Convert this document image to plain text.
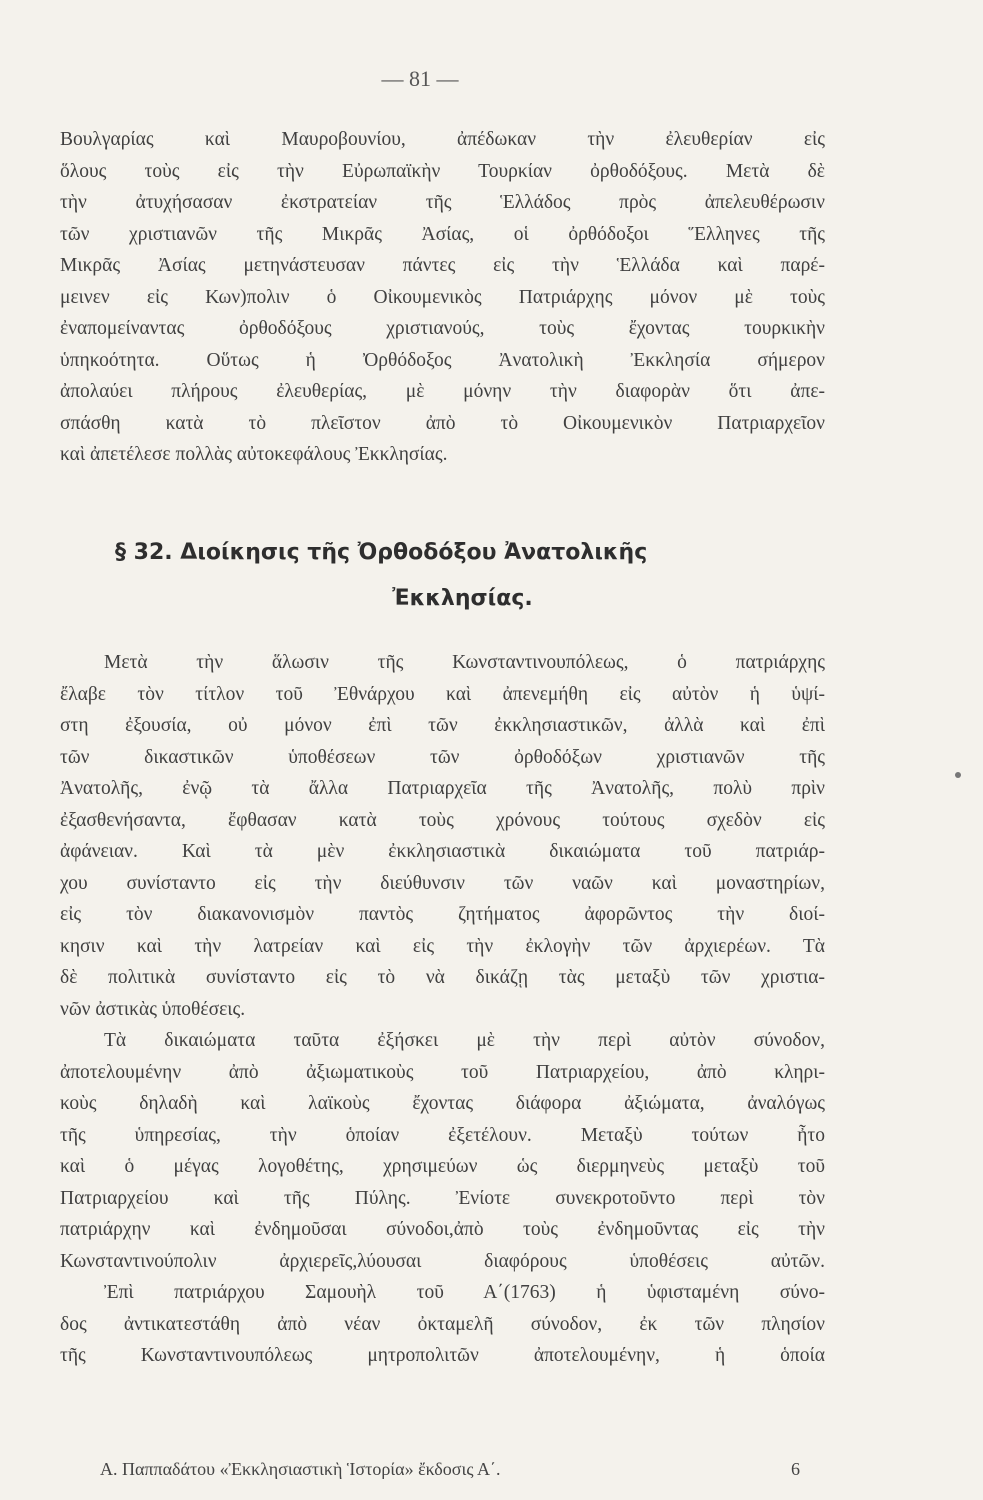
— 81 —
Βουλγαρίας καὶ Μαυροβουνίου, ἀπέδωκαν τὴν ἐλευθερίαν εἰς
ὅλους τοὺς εἰς τὴν Εὐρωπαϊκὴν Τουρκίαν ὀρθοδόξους. Μετὰ δὲ
τὴν ἀτυχήσασαν ἐκστρατείαν τῆς Ἑλλάδος πρὸς ἀπελευθέρωσιν
τῶν χριστιανῶν τῆς Μικρᾶς Ἀσίας, οἱ ὀρθόδοξοι Ἕλληνες τῆς
Μικρᾶς Ἀσίας μετηνάστευσαν πάντες εἰς τὴν Ἑλλάδα καὶ παρέ-
μεινεν εἰς Κων)πολιν ὁ Οἰκουμενικὸς Πατριάρχης μόνον μὲ τοὺς
ἐναπομείναντας ὀρθοδόξους χριστιανούς, τοὺς ἔχοντας τουρκικὴν
ὑπηκοότητα. Οὕτως ἡ Ὀρθόδοξος Ἀνατολικὴ Ἐκκλησία σήμερον
ἀπολαύει πλήρους ἐλευθερίας, μὲ μόνην τὴν διαφορὰν ὅτι ἀπε-
σπάσθη κατὰ τὸ πλεῖστον ἀπὸ τὸ Οἰκουμενικὸν Πατριαρχεῖον
καὶ ἀπετέλεσε πολλὰς αὐτοκεφάλους Ἐκκλησίας.
§ 32. Διοίκησις τῆς Ὀρθοδόξου Ἀνατολικῆς
Ἐκκλησίας.
Μετὰ τὴν ἅλωσιν τῆς Κωνσταντινουπόλεως, ὁ πατριάρχης
ἔλαβε τὸν τίτλον τοῦ Ἐθνάρχου καὶ ἀπενεμήθη εἰς αὐτὸν ἡ ὑψί-
στη ἐξουσία, οὐ μόνον ἐπὶ τῶν ἐκκλησιαστικῶν, ἀλλὰ καὶ ἐπὶ
τῶν δικαστικῶν ὑποθέσεων τῶν ὀρθοδόξων χριστιανῶν τῆς
Ἀνατολῆς, ἐνῷ τὰ ἄλλα Πατριαρχεῖα τῆς Ἀνατολῆς, πολὺ πρὶν
ἐξασθενήσαντα, ἔφθασαν κατὰ τοὺς χρόνους τούτους σχεδὸν εἰς
ἀφάνειαν. Καὶ τὰ μὲν ἐκκλησιαστικὰ δικαιώματα τοῦ πατριάρ-
χου συνίσταντο εἰς τὴν διεύθυνσιν τῶν ναῶν καὶ μοναστηρίων,
εἰς τὸν διακανονισμὸν παντὸς ζητήματος ἀφορῶντος τὴν διοί-
κησιν καὶ τὴν λατρείαν καὶ εἰς τὴν ἐκλογὴν τῶν ἀρχιερέων. Τὰ
δὲ πολιτικὰ συνίσταντο εἰς τὸ νὰ δικάζῃ τὰς μεταξὺ τῶν χριστια-
νῶν ἀστικὰς ὑποθέσεις.
Τὰ δικαιώματα ταῦτα ἐξήσκει μὲ τὴν περὶ αὐτὸν σύνοδον,
ἀποτελουμένην ἀπὸ ἀξιωματικοὺς τοῦ Πατριαρχείου, ἀπὸ κληρι-
κοὺς δηλαδὴ καὶ λαϊκοὺς ἔχοντας διάφορα ἀξιώματα, ἀναλόγως
τῆς ὑπηρεσίας, τὴν ὁποίαν ἐξετέλουν. Μεταξὺ τούτων ἦτο
καὶ ὁ μέγας λογοθέτης, χρησιμεύων ὡς διερμηνεὺς μεταξὺ τοῦ
Πατριαρχείου καὶ τῆς Πύλης. Ἐνίοτε συνεκροτοῦντο περὶ τὸν
πατριάρχην καὶ ἐνδημοῦσαι σύνοδοι,ἀπὸ τοὺς ἐνδημοῦντας εἰς τὴν
Κωνσταντινούπολιν ἀρχιερεῖς,λύουσαι διαφόρους ὑποθέσεις αὐτῶν.
Ἐπὶ πατριάρχου Σαμουὴλ τοῦ Α΄(1763) ἡ ὑφισταμένη σύνο-
δος ἀντικατεστάθη ἀπὸ νέαν ὀκταμελῆ σύνοδον, ἐκ τῶν πλησίον
τῆς Κωνσταντινουπόλεως μητροπολιτῶν ἀποτελουμένην, ἡ ὁποία
Α. Παππαδάτου «Ἐκκλησιαστικὴ Ἱστορία» ἔκδοσις Α΄.	6
